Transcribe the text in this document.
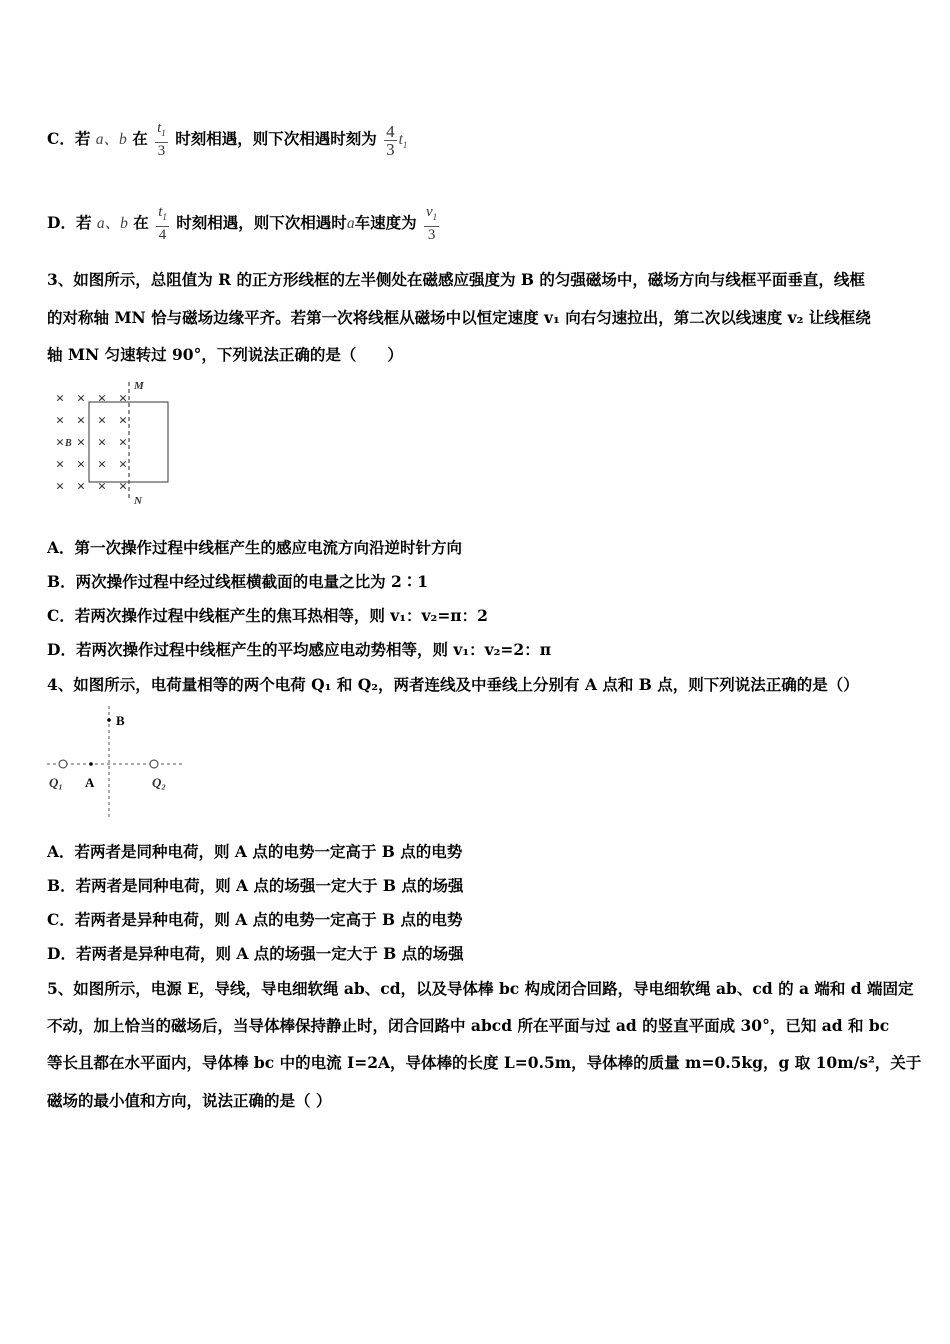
C．若 a、b 在 $\frac{t_1}{3}$ 时刻相遇，则下次相遇时刻为 $\frac{4}{3} t_1$
D．若 a、b 在 $\frac{t_1}{4}$ 时刻相遇，则下次相遇时a车速度为 $\frac{v_1}{3}$
3、如图所示，总阻值为 R 的正方形线框的左半侧处在磁感应强度为 B 的匀强磁场中，磁场方向与线框平面垂直，线框
的对称轴 MN 恰与磁场边缘平齐。若第一次将线框从磁场中以恒定速度 v₁ 向右匀速拉出，第二次以线速度 v₂ 让线框绕
轴 MN 匀速转过 90°，下列说法正确的是（　　）
× × × ×
× × × ×
× × × ×
× × × ×
× × × ×
M
N
B
A．第一次操作过程中线框产生的感应电流方向沿逆时针方向
B．两次操作过程中经过线框横截面的电量之比为 2∶1
C．若两次操作过程中线框产生的焦耳热相等，则 v₁：v₂=π：2
D．若两次操作过程中线框产生的平均感应电动势相等，则 v₁：v₂=2：π
4、如图所示，电荷量相等的两个电荷 Q₁ 和 Q₂，两者连线及中垂线上分别有 A 点和 B 点，则下列说法正确的是（）
B
Q₁ A	Q₂
A．若两者是同种电荷，则 A 点的电势一定高于 B 点的电势
B．若两者是同种电荷，则 A 点的场强一定大于 B 点的场强
C．若两者是异种电荷，则 A 点的电势一定高于 B 点的电势
D．若两者是异种电荷，则 A 点的场强一定大于 B 点的场强
5、如图所示，电源 E，导线，导电细软绳 ab、cd，以及导体棒 bc 构成闭合回路，导电细软绳 ab、cd 的 a 端和 d 端固定
不动，加上恰当的磁场后，当导体棒保持静止时，闭合回路中 abcd 所在平面与过 ad 的竖直平面成 30°，已知 ad 和 bc
等长且都在水平面内，导体棒 bc 中的电流 I=2A，导体棒的长度 L=0.5m，导体棒的质量 m=0.5kg，g 取 10m/s²，关于
磁场的最小值和方向，说法正确的是（ ）
